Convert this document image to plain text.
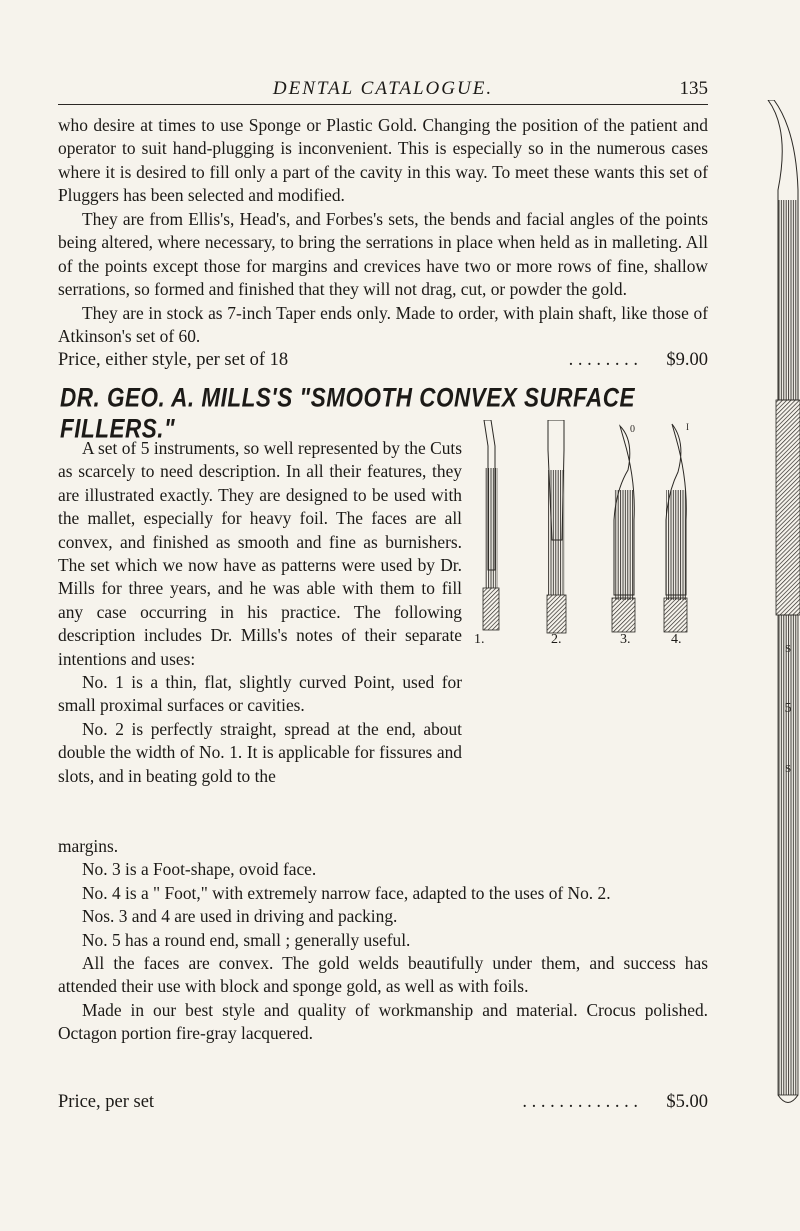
DENTAL CATALOGUE.	135

who desire at times to use Sponge or Plastic Gold. Changing the position of the patient and operator to suit hand-plugging is inconvenient. This is especially so in the numerous cases where it is desired to fill only a part of the cavity in this way. To meet these wants this set of Pluggers has been selected and modified.

They are from Ellis's, Head's, and Forbes's sets, the bends and facial angles of the points being altered, where necessary, to bring the serrations in place when held as in malleting. All of the points except those for margins and crevices have two or more rows of fine, shallow serrations, so formed and finished that they will not drag, cut, or powder the gold.

They are in stock as 7-inch Taper ends only. Made to order, with plain shaft, like those of Atkinson's set of 60.

. . . . . . . .
Price, either style, per set of 18	$9.00
DR. GEO. A. MILLS'S "SMOOTH CONVEX SURFACE FILLERS."

A set of 5 instruments, so well represented by the Cuts as scarcely to need description. In all their features, they are illustrated exactly. They are designed to be used with the mallet, especially for heavy foil. The faces are all convex, and finished as smooth and fine as burnishers. The set which we now have as patterns were used by Dr. Mills for three years, and he was able with them to fill any case occurring in his practice. The following description includes Dr. Mills's notes of their separate intentions and uses:

No. 1 is a thin, flat, slightly curved Point, used for small proximal surfaces or cavities.

No. 2 is perfectly straight, spread at the end, about double the width of No. 1. It is applicable for fissures and slots, and in beating gold to the

margins.

No. 3 is a Foot-shape, ovoid face.

No. 4 is a " Foot," with extremely narrow face, adapted to the uses of No. 2.

Nos. 3 and 4 are used in driving and packing.

No. 5 has a round end, small ; generally useful.

All the faces are convex. The gold welds beautifully under them, and success has attended their use with block and sponge gold, as well as with foils.

Made in our best style and quality of workmanship and material. Crocus polished. Octagon portion fire-gray lacquered.

. . . . . . . . . . . . .
Price, per set	$5.00
0	I
1.	2.	3.	4.
S
5
S
